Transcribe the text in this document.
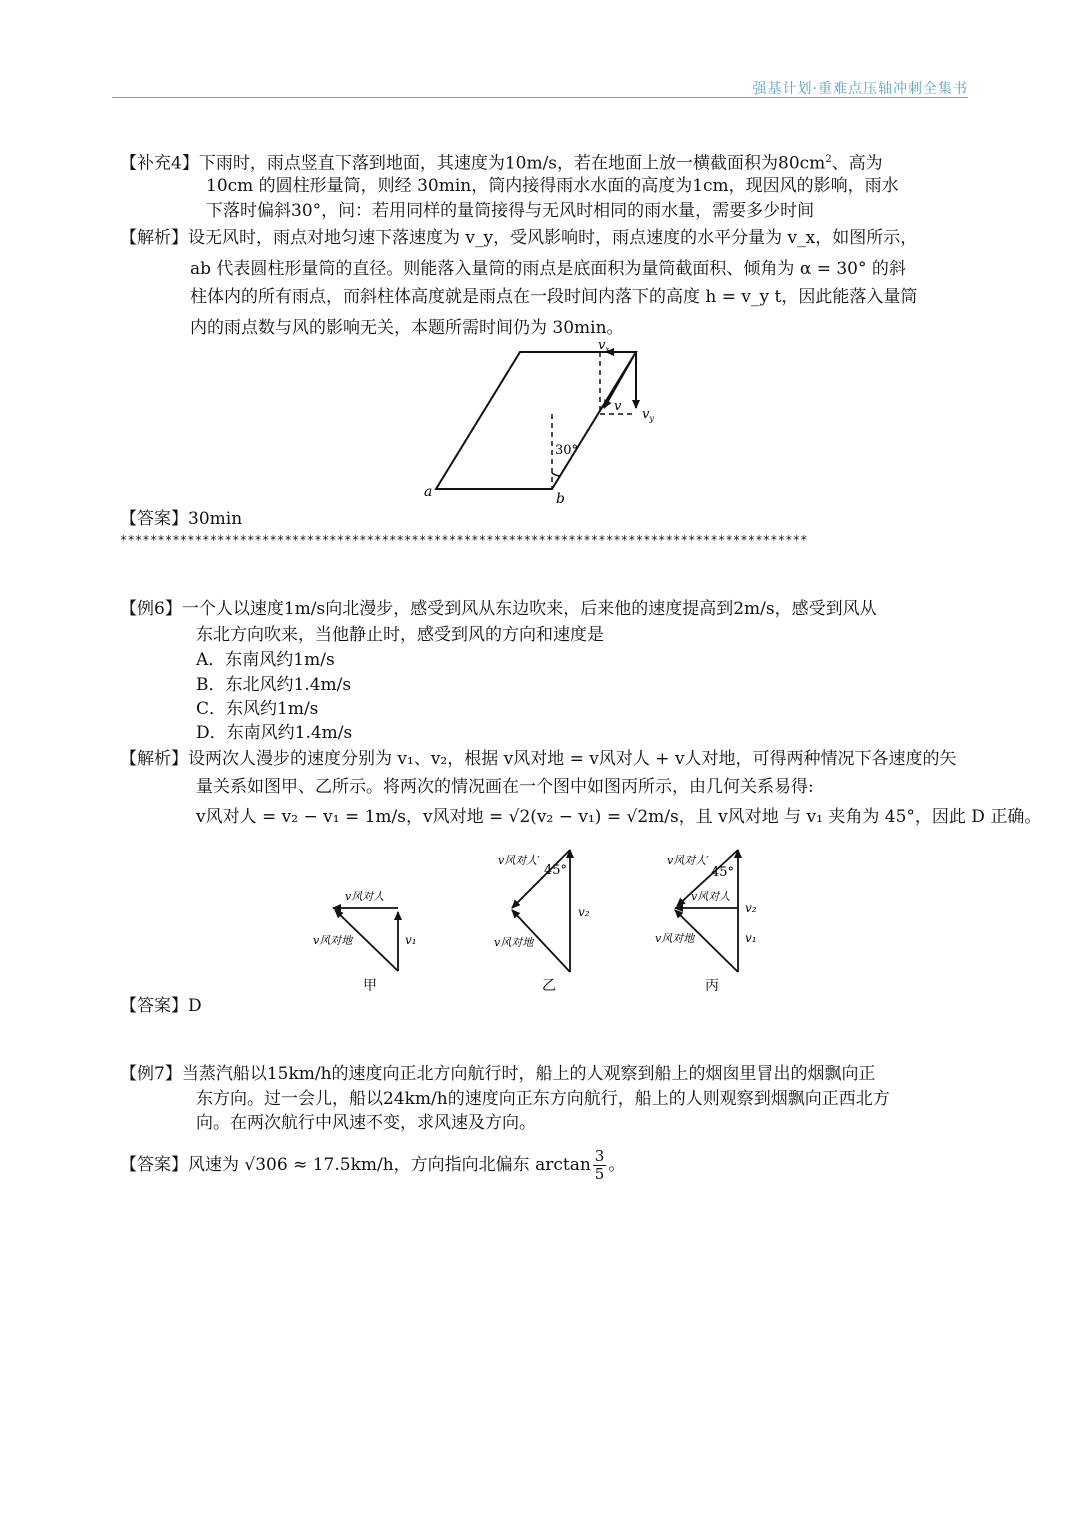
强基计划·重难点压轴冲刺全集书
【补充4】下雨时，雨点竖直下落到地面，其速度为10m/s，若在地面上放一横截面积为$80cm^2$、高为
10cm 的圆柱形量筒，则经 30min，筒内接得雨水水面的高度为1cm，现因风的影响，雨水
下落时偏斜30°，问：若用同样的量筒接得与无风时相同的雨水量，需要多少时间
【解析】设无风时，雨点对地匀速下落速度为 v_y，受风影响时，雨点速度的水平分量为 v_x，如图所示，
ab 代表圆柱形量筒的直径。则能落入量筒的雨点是底面积为量筒截面积、倾角为 α = 30° 的斜
柱体内的所有雨点，而斜柱体高度就是雨点在一段时间内落下的高度 h = v_y t，因此能落入量筒
内的雨点数与风的影响无关，本题所需时间仍为 30min。
$v_x$
v
$v_y$
30°
a	b
【答案】30min
********************************************************************************************
【例6】一个人以速度1m/s向北漫步，感受到风从东边吹来，后来他的速度提高到2m/s，感受到风从
东北方向吹来，当他静止时，感受到风的方向和速度是
A．东南风约1m/s
B．东北风约1.4m/s
C．东风约1m/s
D．东南风约1.4m/s
【解析】设两次人漫步的速度分别为 v₁、v₂，根据 v风对地 = v风对人 + v人对地，可得两种情况下各速度的矢
量关系如图甲、乙所示。将两次的情况画在一个图中如图丙所示，由几何关系易得:
v风对人 = v₂ − v₁ = 1m/s，v风对地 = √2(v₂ − v₁) = √2m/s，且 v风对地 与 v₁ 夹角为 45°，因此 D 正确。
v风对人
v风对地	v₁
甲
v风对人′
45°
v₂
v风对地
乙
v风对人′
45°
v风对人
v₂
v风对地	v₁
丙
【答案】D
【例7】当蒸汽船以15km/h的速度向正北方向航行时，船上的人观察到船上的烟囱里冒出的烟飘向正
东方向。过一会儿，船以24km/h的速度向正东方向航行，船上的人则观察到烟飘向正西北方
向。在两次航行中风速不变，求风速及方向。
【答案】风速为 √306 ≈ 17.5km/h，方向指向北偏东 $\arctan \frac{3}{5}$ 。
